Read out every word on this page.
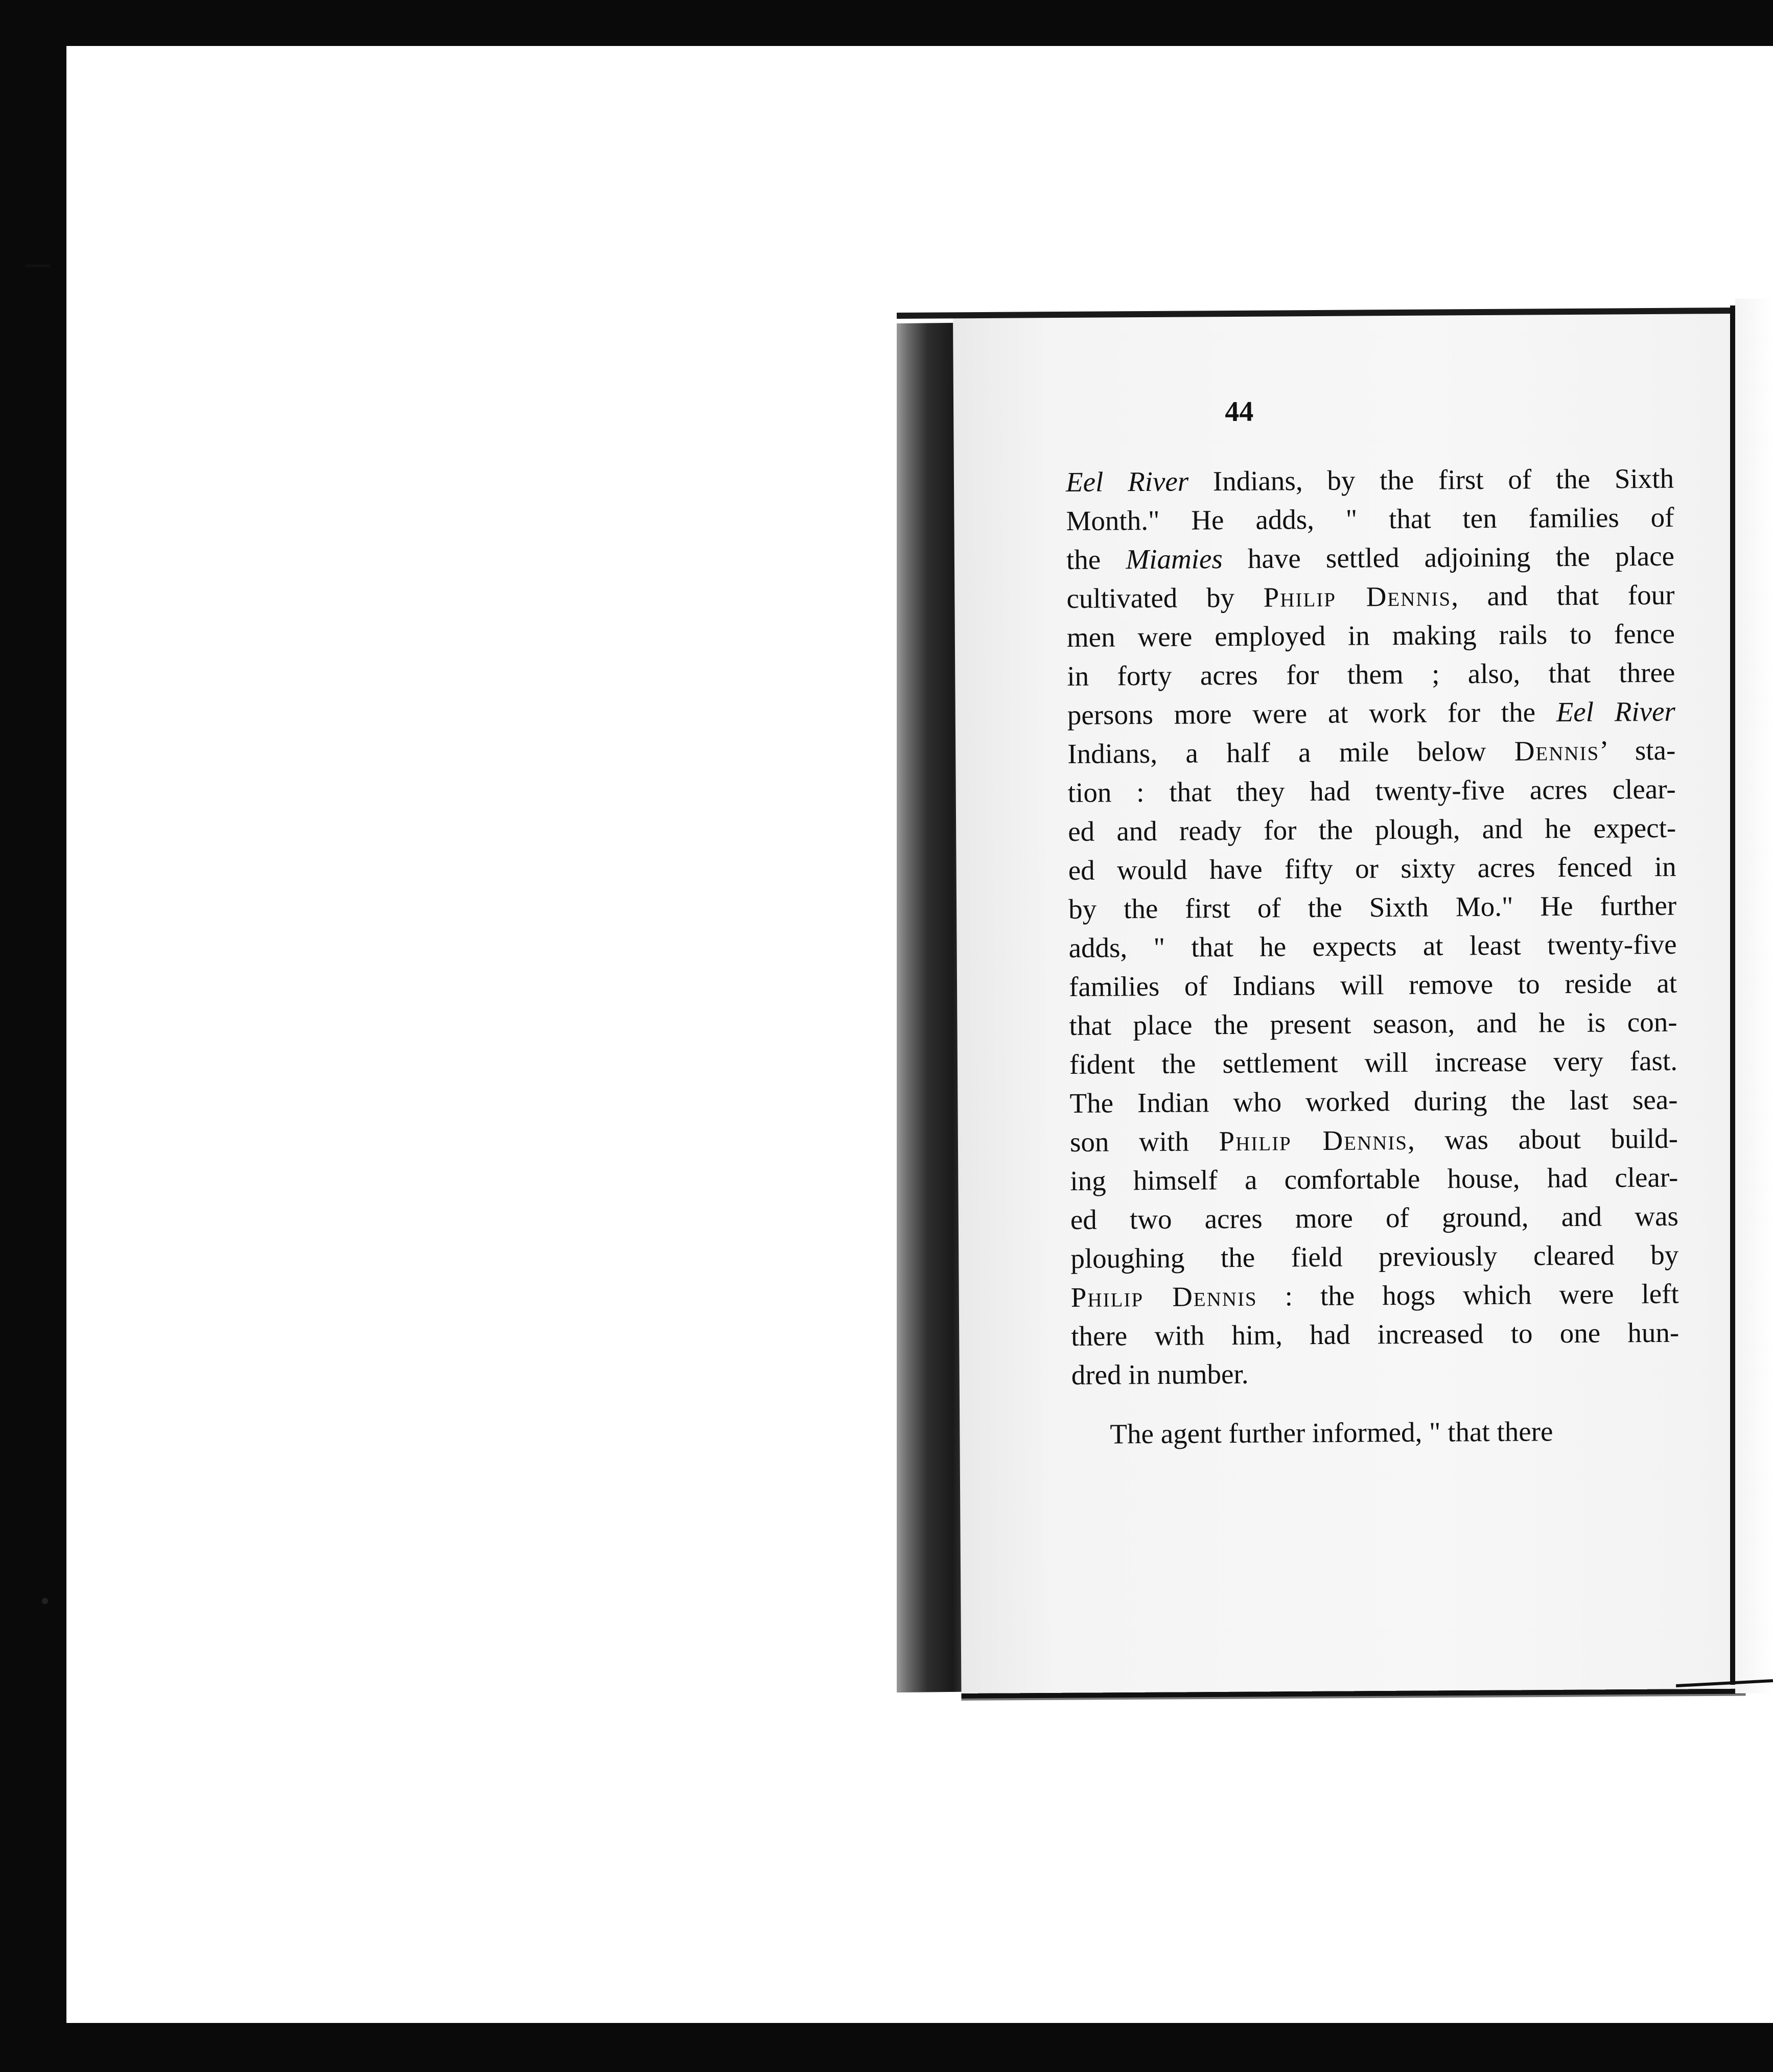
44
Eel River Indians, by the first of the Sixth
Month." He adds, " that ten families of
the Miamies have settled adjoining the place
cultivated by Philip Dennis, and that four
men were employed in making rails to fence
in forty acres for them ; also, that three
persons more were at work for the Eel River
Indians, a half a mile below Dennis’ sta-
tion : that they had twenty-five acres clear-
ed and ready for the plough, and he expect-
ed would have fifty or sixty acres fenced in
by the first of the Sixth Mo." He further
adds, " that he expects at least twenty-five
families of Indians will remove to reside at
that place the present season, and he is con-
fident the settlement will increase very fast.
The Indian who worked during the last sea-
son with Philip Dennis, was about build-
ing himself a comfortable house, had clear-
ed two acres more of ground, and was
ploughing the field previously cleared by
Philip Dennis : the hogs which were left
there with him, had increased to one hun-
dred in number.
The agent further informed, " that there
